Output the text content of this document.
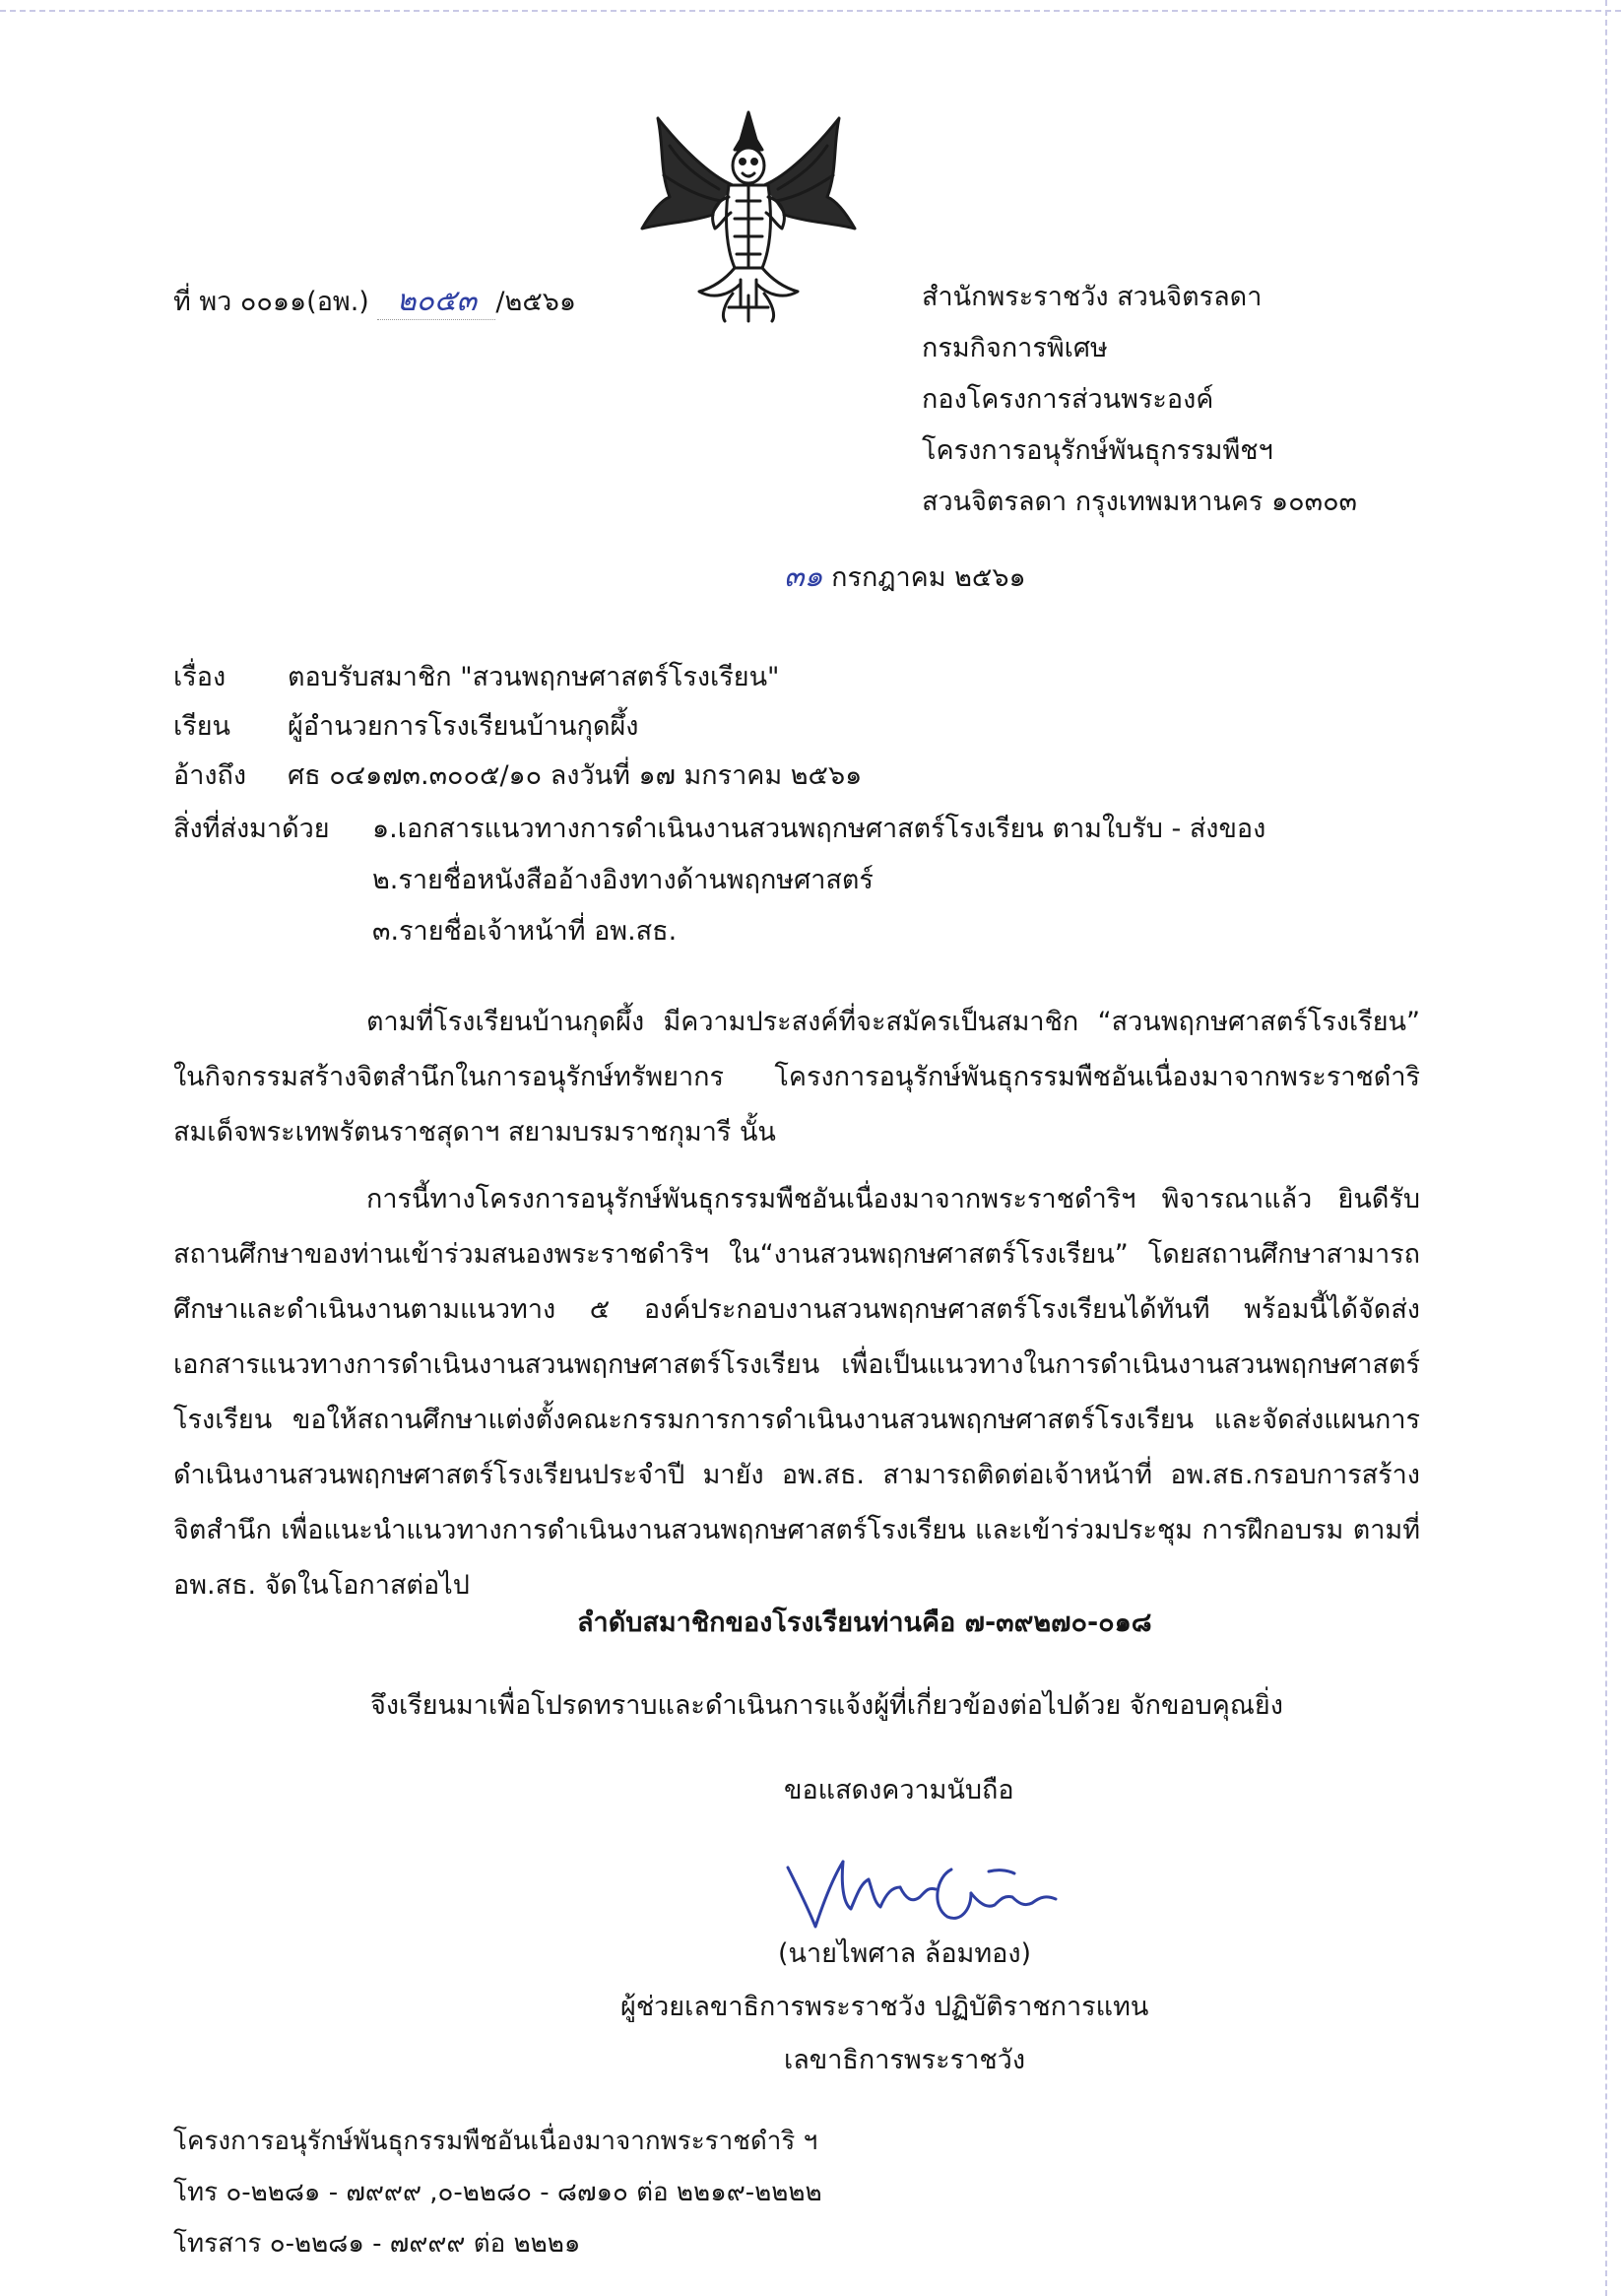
ที่ พว ๐๐๑๑(อพ.) ๒๐๕๓ /๒๕๖๑	สำนักพระราชวัง สวนจิตรลดา
กรมกิจการพิเศษ
กองโครงการส่วนพระองค์
โครงการอนุรักษ์พันธุกรรมพืชฯ
สวนจิตรลดา กรุงเทพมหานคร ๑๐๓๐๓
๓๑ กรกฎาคม ๒๕๖๑
เรื่อง ตอบรับสมาชิก "สวนพฤกษศาสตร์โรงเรียน"
เรียน ผู้อำนวยการโรงเรียนบ้านกุดผึ้ง
อ้างถึง ศธ ๐๔๑๗๓.๓๐๐๕/๑๐ ลงวันที่ ๑๗ มกราคม ๒๕๖๑
สิ่งที่ส่งมาด้วย ๑.เอกสารแนวทางการดำเนินงานสวนพฤกษศาสตร์โรงเรียน ตามใบรับ - ส่งของ
๒.รายชื่อหนังสืออ้างอิงทางด้านพฤกษศาสตร์
๓.รายชื่อเจ้าหน้าที่ อพ.สธ.
ตามที่โรงเรียนบ้านกุดผึ้ง มีความประสงค์ที่จะสมัครเป็นสมาชิก “สวนพฤกษศาสตร์โรงเรียน” ในกิจกรรมสร้างจิตสำนึกในการอนุรักษ์ทรัพยากร โครงการอนุรักษ์พันธุกรรมพืชอันเนื่องมาจากพระราชดำริ สมเด็จพระเทพรัตนราชสุดาฯ สยามบรมราชกุมารี นั้น
การนี้ทางโครงการอนุรักษ์พันธุกรรมพืชอันเนื่องมาจากพระราชดำริฯ พิจารณาแล้ว ยินดีรับสถานศึกษาของท่านเข้าร่วมสนองพระราชดำริฯ ใน“งานสวนพฤกษศาสตร์โรงเรียน” โดยสถานศึกษาสามารถศึกษาและดำเนินงานตามแนวทาง ๕ องค์ประกอบงานสวนพฤกษศาสตร์โรงเรียนได้ทันที พร้อมนี้ได้จัดส่งเอกสารแนวทางการดำเนินงานสวนพฤกษศาสตร์โรงเรียน เพื่อเป็นแนวทางในการดำเนินงานสวนพฤกษศาสตร์โรงเรียน ขอให้สถานศึกษาแต่งตั้งคณะกรรมการการดำเนินงานสวนพฤกษศาสตร์โรงเรียน และจัดส่งแผนการดำเนินงานสวนพฤกษศาสตร์โรงเรียนประจำปี มายัง อพ.สธ. สามารถติดต่อเจ้าหน้าที่ อพ.สธ.กรอบการสร้างจิตสำนึก เพื่อแนะนำแนวทางการดำเนินงานสวนพฤกษศาสตร์โรงเรียน และเข้าร่วมประชุม การฝึกอบรม ตามที่ อพ.สธ. จัดในโอกาสต่อไป
ลำดับสมาชิกของโรงเรียนท่านคือ ๗-๓๙๒๗๐-๐๑๘
จึงเรียนมาเพื่อโปรดทราบและดำเนินการแจ้งผู้ที่เกี่ยวข้องต่อไปด้วย จักขอบคุณยิ่ง
ขอแสดงความนับถือ
(นายไพศาล ล้อมทอง)
ผู้ช่วยเลขาธิการพระราชวัง ปฏิบัติราชการแทน
เลขาธิการพระราชวัง
โครงการอนุรักษ์พันธุกรรมพืชอันเนื่องมาจากพระราชดำริ ฯ
โทร ๐-๒๒๘๑ - ๗๙๙๙ ,๐-๒๒๘๐ - ๘๗๑๐ ต่อ ๒๒๑๙-๒๒๒๒
โทรสาร ๐-๒๒๘๑ - ๗๙๙๙ ต่อ ๒๒๒๑
